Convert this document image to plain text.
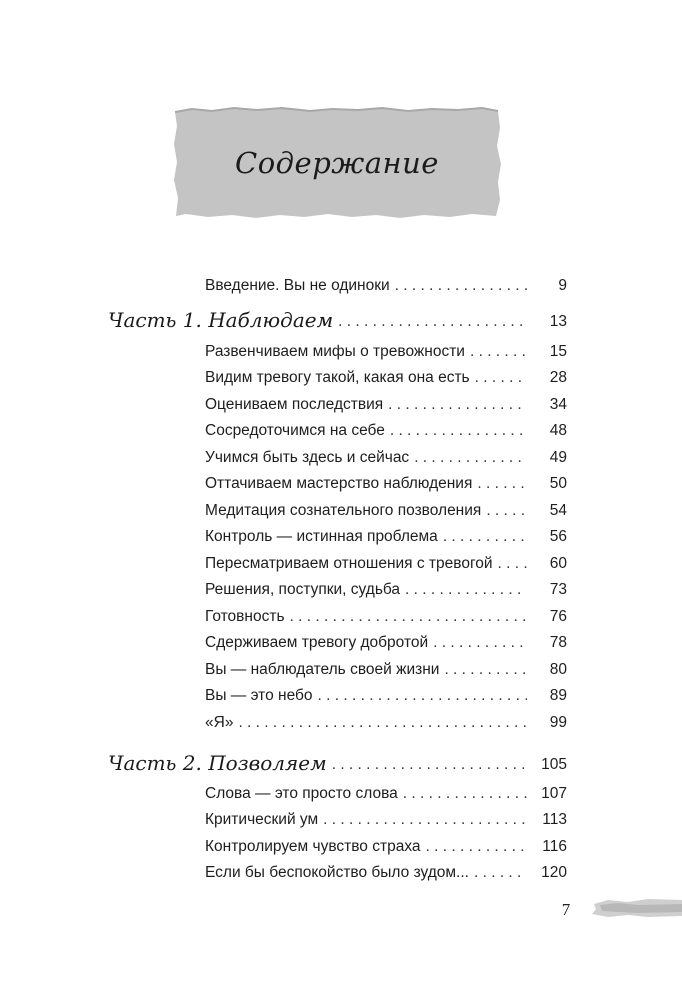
Содержание
Введение. Вы не одиноки . . .	9
Часть 1. Наблюдаем . . .	13
Развенчиваем мифы о тревожности . . .	15
Видим тревогу такой, какая она есть . . .	28
Оцениваем последствия . . .	34
Сосредоточимся на себе . . .	48
Учимся быть здесь и сейчас . . .	49
Оттачиваем мастерство наблюдения . . .	50
Медитация сознательного позволения . . .	54
Контроль — истинная проблема . . .	56
Пересматриваем отношения с тревогой . . .	60
Решения, поступки, судьба . . .	73
Готовность . . .	76
Сдерживаем тревогу добротой . . .	78
Вы — наблюдатель своей жизни . . .	80
Вы — это небо . . .	89
«Я» . . .	99
Часть 2. Позволяем . . .	105
Слова — это просто слова . . .	107
Критический ум . . .	113
Контролируем чувство страха . . .	116
Если бы беспокойство было зудом... . . .	120
7
